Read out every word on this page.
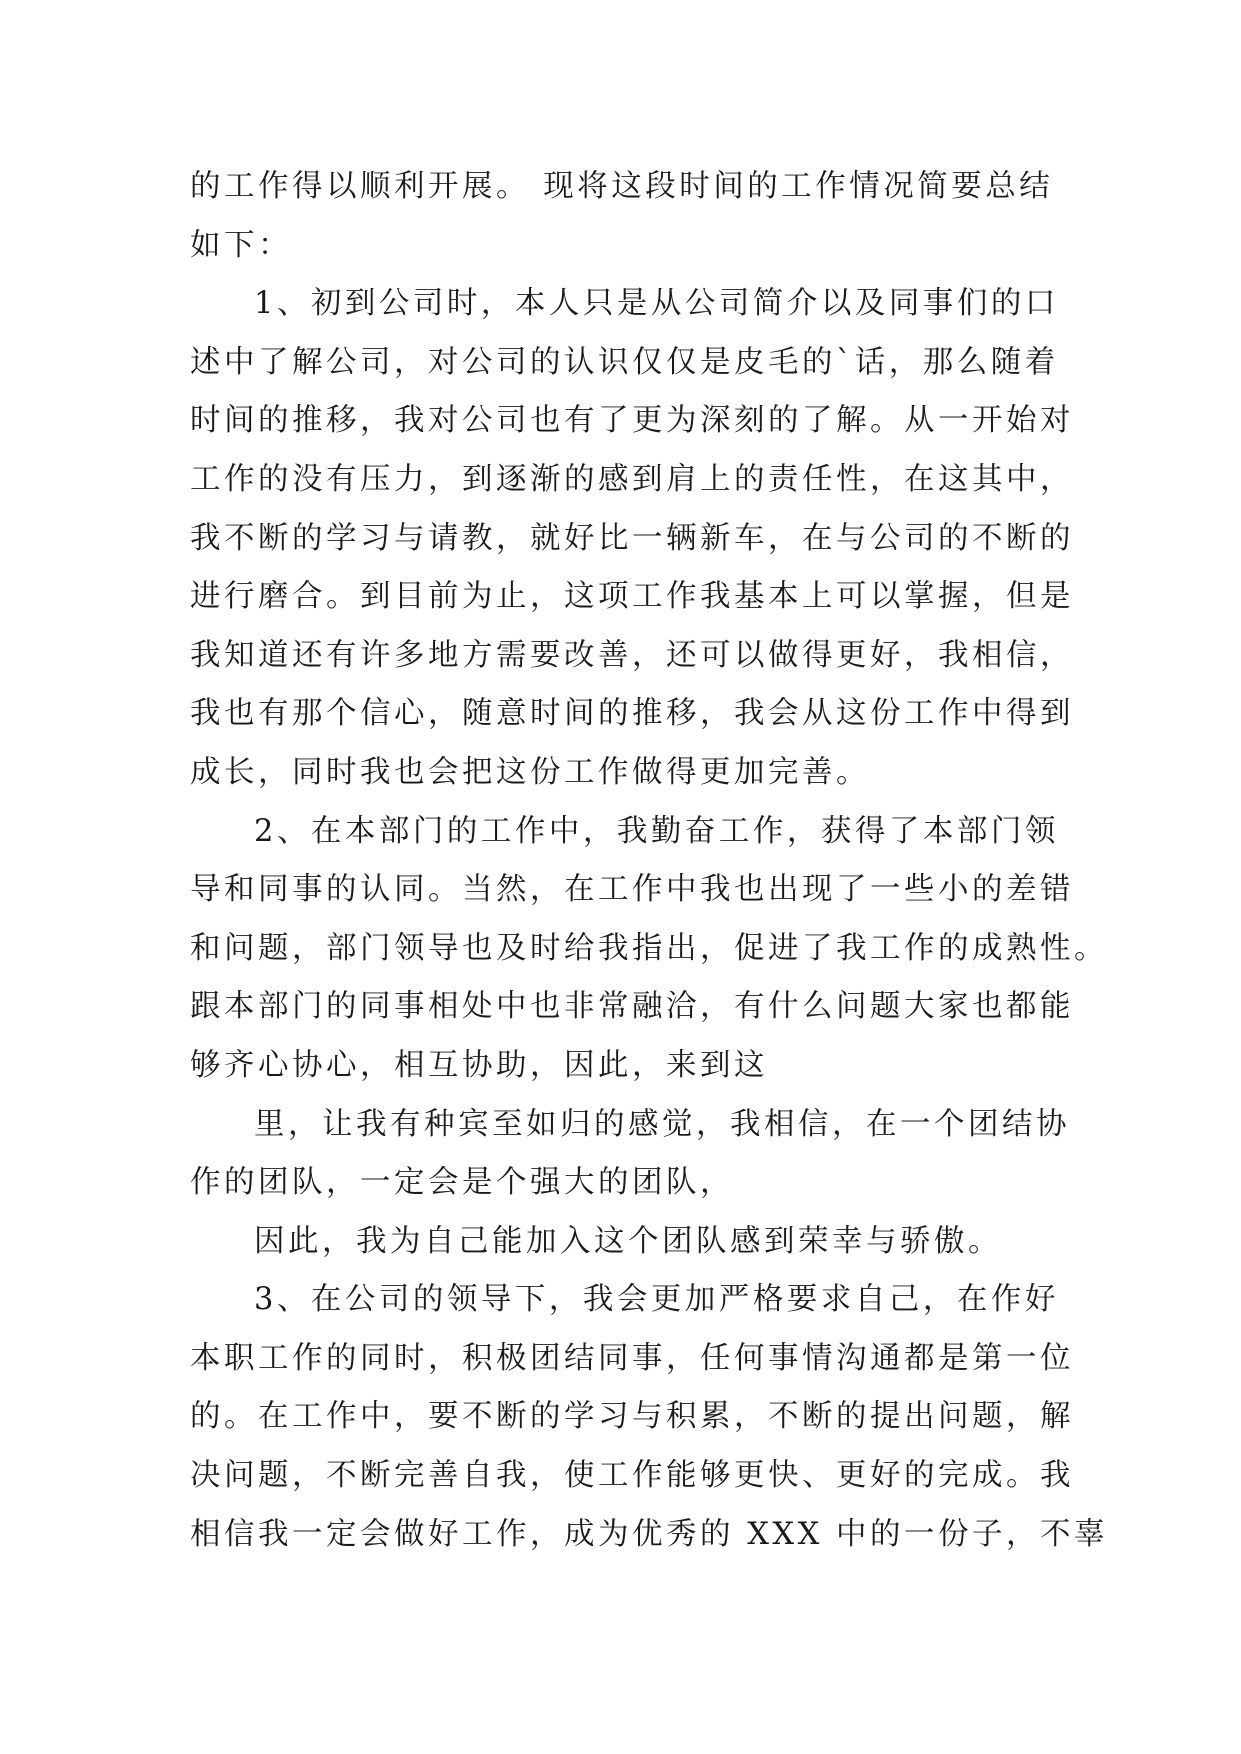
的工作得以顺利开展。 现将这段时间的工作情况简要总结
如下：
1、初到公司时，本人只是从公司简介以及同事们的口
述中了解公司，对公司的认识仅仅是皮毛的`话，那么随着
时间的推移，我对公司也有了更为深刻的了解。从一开始对
工作的没有压力，到逐渐的感到肩上的责任性，在这其中，
我不断的学习与请教，就好比一辆新车，在与公司的不断的
进行磨合。到目前为止，这项工作我基本上可以掌握，但是
我知道还有许多地方需要改善，还可以做得更好，我相信，
我也有那个信心，随意时间的推移，我会从这份工作中得到
成长，同时我也会把这份工作做得更加完善。
2、在本部门的工作中，我勤奋工作，获得了本部门领
导和同事的认同。当然，在工作中我也出现了一些小的差错
和问题，部门领导也及时给我指出，促进了我工作的成熟性。
跟本部门的同事相处中也非常融洽，有什么问题大家也都能
够齐心协心，相互协助，因此，来到这
里，让我有种宾至如归的感觉，我相信，在一个团结协
作的团队，一定会是个强大的团队，
因此，我为自己能加入这个团队感到荣幸与骄傲。
3、在公司的领导下，我会更加严格要求自己，在作好
本职工作的同时，积极团结同事，任何事情沟通都是第一位
的。在工作中，要不断的学习与积累，不断的提出问题，解
决问题，不断完善自我，使工作能够更快、更好的完成。我
相信我一定会做好工作，成为优秀的 XXX 中的一份子，不辜
